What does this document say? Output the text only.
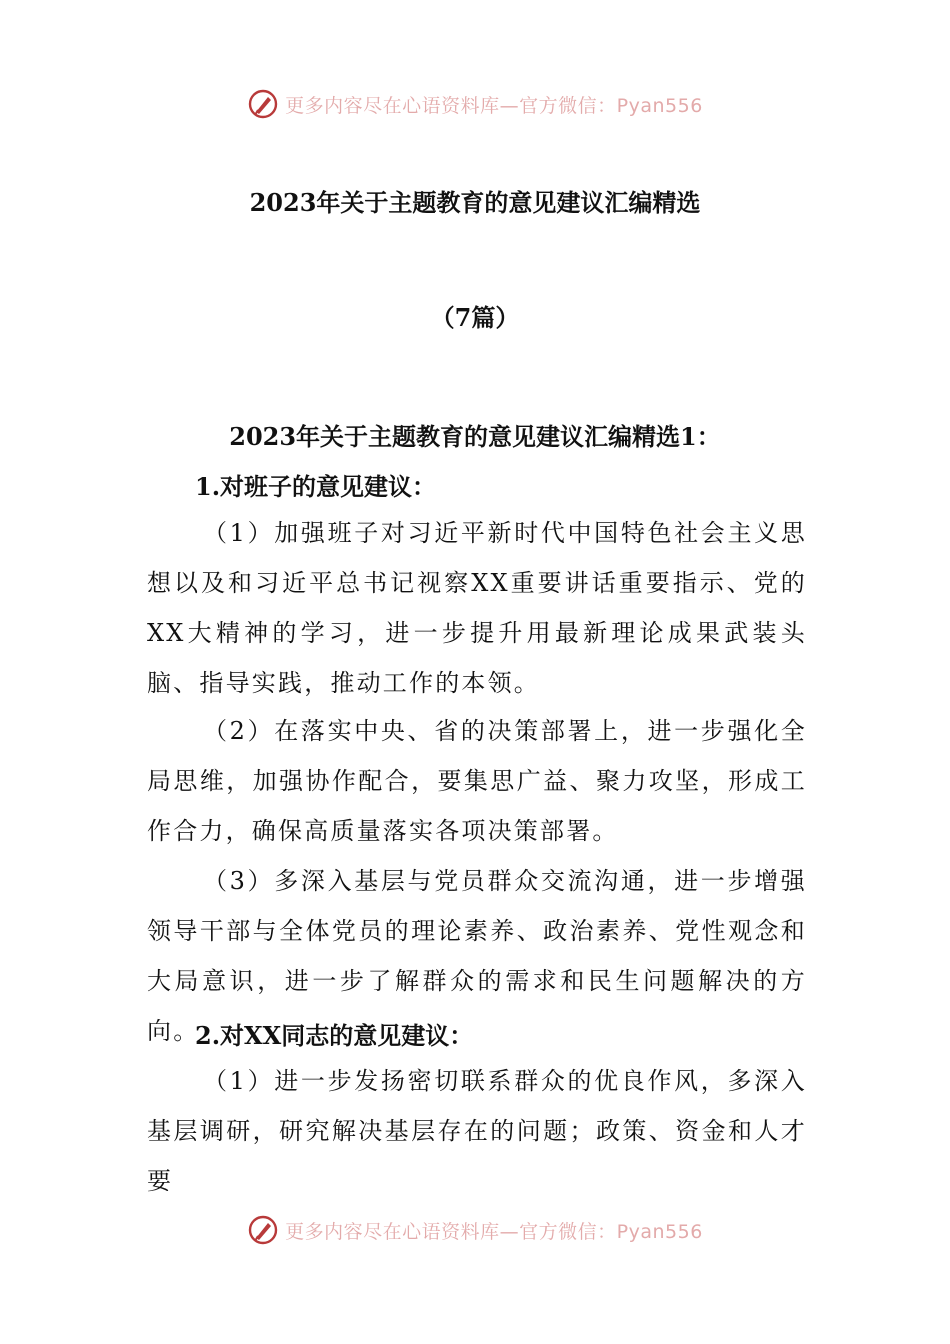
更多内容尽在心语资料库—官方微信：Pyan556
2023年关于主题教育的意见建议汇编精选
（7篇）
2023年关于主题教育的意见建议汇编精选1：
1.对班子的意见建议：
（1）加强班子对习近平新时代中国特色社会主义思想以及和习近平总书记视察XX重要讲话重要指示、党的XX大精神的学习，进一步提升用最新理论成果武装头脑、指导实践，推动工作的本领。
（2）在落实中央、省的决策部署上，进一步强化全局思维，加强协作配合，要集思广益、聚力攻坚，形成工作合力，确保高质量落实各项决策部署。
（3）多深入基层与党员群众交流沟通，进一步增强领导干部与全体党员的理论素养、政治素养、党性观念和大局意识，进一步了解群众的需求和民生问题解决的方向。
2.对XX同志的意见建议：
（1）进一步发扬密切联系群众的优良作风，多深入基层调研，研究解决基层存在的问题；政策、资金和人才要
更多内容尽在心语资料库—官方微信：Pyan556
